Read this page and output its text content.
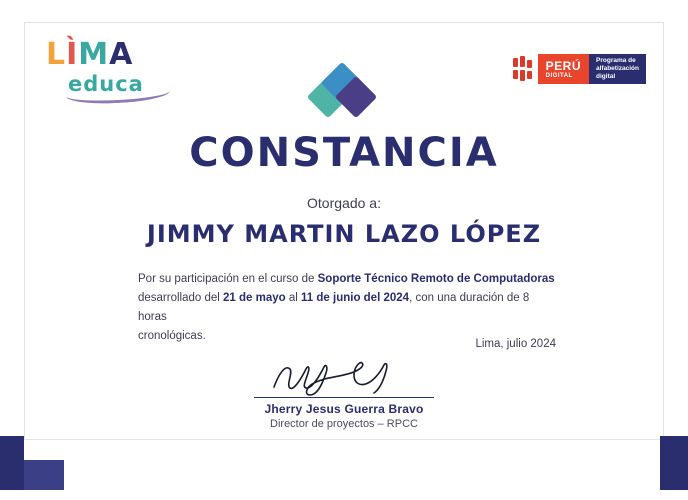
LÌMA
educa
PERÚ
DIGITAL
Programa de
alfabetización
digital
CONSTANCIA
Otorgado a:
JIMMY MARTIN LAZO LÓPEZ
Por su participación en el curso de Soporte Técnico Remoto de Computadoras
desarrollado del 21 de mayo al 11 de junio del 2024, con una duración de 8 horas
cronológicas.
Lima, julio 2024
Jherry Jesus Guerra Bravo
Director de proyectos – RPCC
